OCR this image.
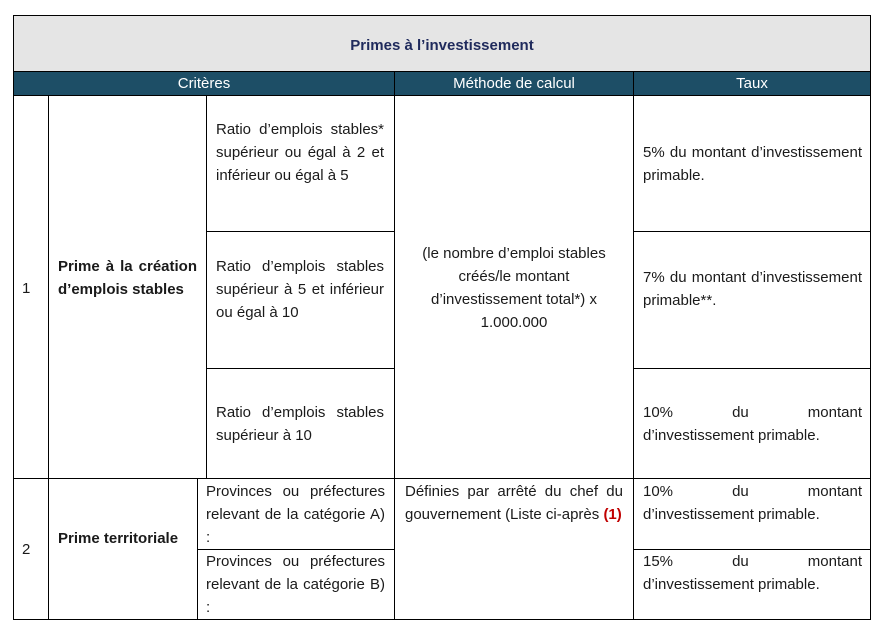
Primes à l’investissement
Critères	Méthode de calcul	Taux
1
Prime à la création d’emplois stables
Ratio d’emplois stables* supérieur ou égal à 2 et inférieur ou égal à 5
Ratio d’emplois stables supérieur à 5 et inférieur ou égal à 10
Ratio d’emplois stables supérieur à 10
(le nombre d’emploi stables créés/le montant d’investissement total*) x 1.000.000
5% du montant d’investissement primable.
7% du montant d’investissement primable**.
10% du montant d’investissement primable.
2
Prime territoriale
Provinces ou préfectures relevant de la catégorie A) :
Provinces ou préfectures relevant de la catégorie B) :
Définies par arrêté du chef du gouvernement (Liste ci-après (1)
10% du montant d’investissement primable.
15% du montant d’investissement primable.
